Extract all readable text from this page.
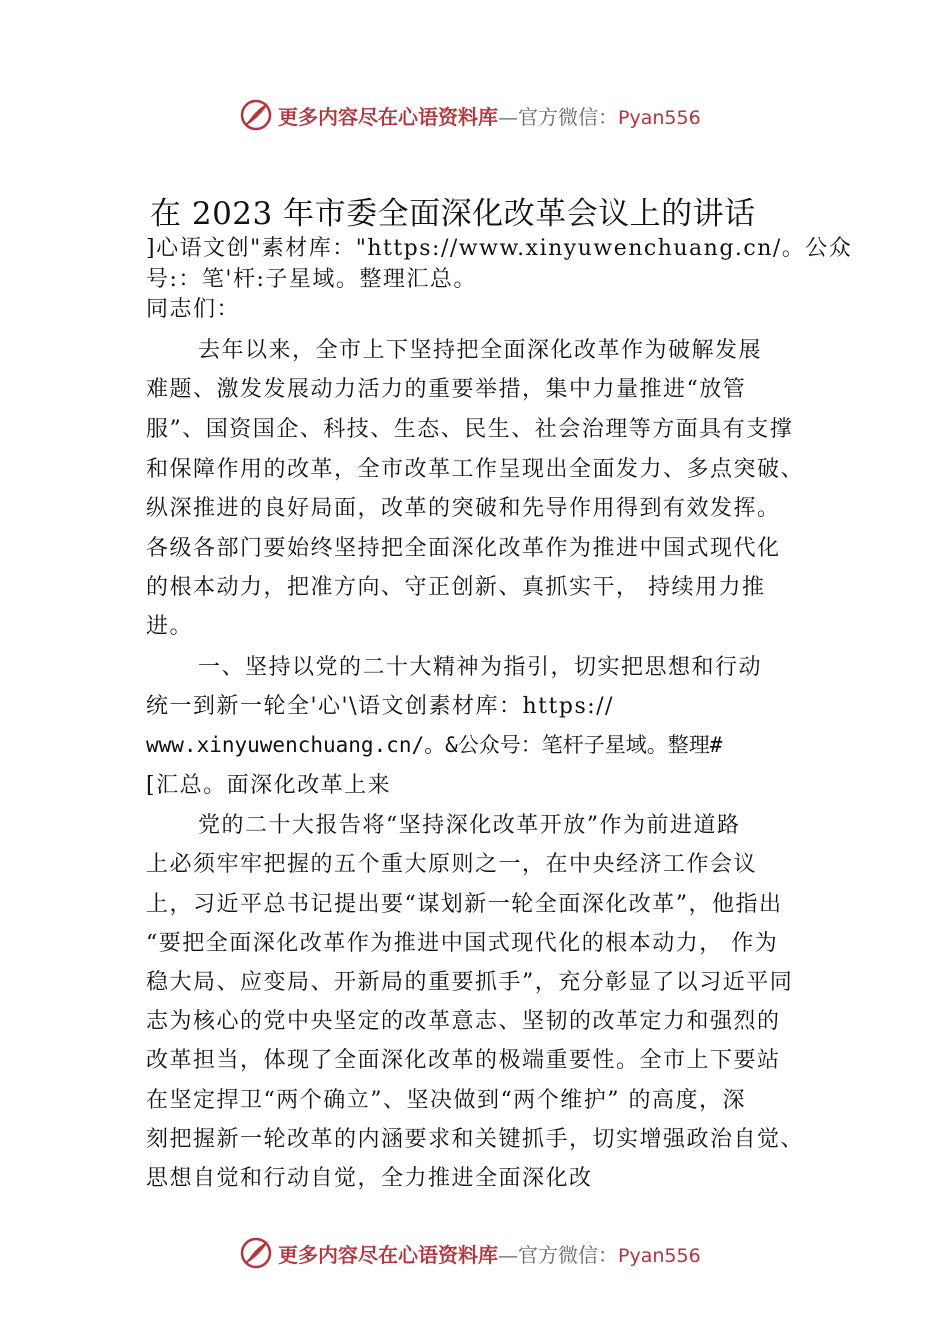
更多内容尽在心语资料库—官方微信：Pyan556
在 2023 年市委全面深化改革会议上的讲话
]心语文创"素材库："https://www.xinyuwenchuang.cn/。公众
号:：笔'杆:子星域。整理汇总。
同志们：
去年以来，全市上下坚持把全面深化改革作为破解发展
难题、激发发展动力活力的重要举措，集中力量推进“放管
服”、国资国企、科技、生态、民生、社会治理等方面具有支撑
和保障作用的改革，全市改革工作呈现出全面发力、多点突破、
纵深推进的良好局面，改革的突破和先导作用得到有效发挥。
各级各部门要始终坚持把全面深化改革作为推进中国式现代化
的根本动力，把准方向、守正创新、真抓实干， 持续用力推
进。
一、坚持以党的二十大精神为指引，切实把思想和行动
统一到新一轮全'心'\语文创素材库：https://
www.xinyuwenchuang.cn/。&公众号：笔杆子星域。整理#
[汇总。面深化改革上来
党的二十大报告将“坚持深化改革开放”作为前进道路
上必须牢牢把握的五个重大原则之一，在中央经济工作会议
上，习近平总书记提出要“谋划新一轮全面深化改革”，他指出
“要把全面深化改革作为推进中国式现代化的根本动力， 作为
稳大局、应变局、开新局的重要抓手”，充分彰显了以习近平同
志为核心的党中央坚定的改革意志、坚韧的改革定力和强烈的
改革担当，体现了全面深化改革的极端重要性。全市上下要站
在坚定捍卫“两个确立”、坚决做到“两个维护” 的高度，深
刻把握新一轮改革的内涵要求和关键抓手，切实增强政治自觉、
思想自觉和行动自觉，全力推进全面深化改
更多内容尽在心语资料库—官方微信：Pyan556
